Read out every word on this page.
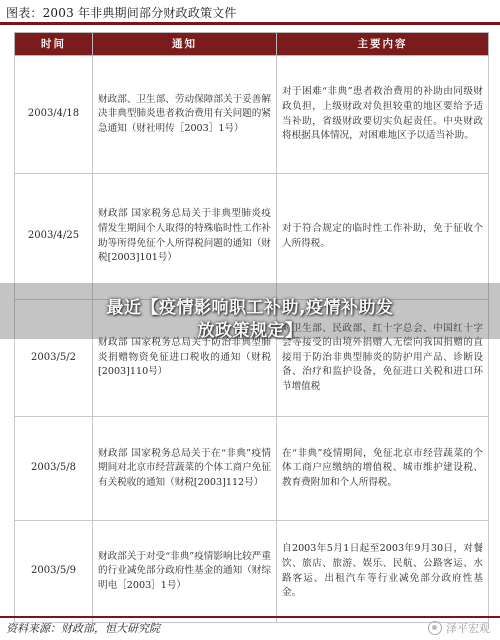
图表：2003 年非典期间部分财政政策文件
时间	通知	主要内容
2003/4/18	财政部、卫生部、劳动保障部关于妥善解决非典型肺炎患者救治费用有关问题的紧急通知（财社明传［2003］1号）	对于困难“非典”患者救治费用的补助由同级财政负担，上级财政对负担较重的地区要给予适当补助，省级财政要切实负起责任。中央财政将根据具体情况，对困难地区予以适当补助。
2003/4/25	财政部 国家税务总局关于非典型肺炎疫情发生期间个人取得的特殊临时性工作补助等所得免征个人所得税问题的通知（财税[2003]101号）	对于符合规定的临时性工作补助，免于征收个人所得税。
2003/5/2	财政部 国家税务总局关于防治非典型肺炎捐赠物资免征进口税收的通知（财税[2003]110号）	对卫生部、民政部、红十字总会、中国红十字会等接受的由境外捐赠人无偿向我国捐赠的直接用于防治非典型肺炎的防护用产品、诊断设备、治疗和监护设备，免征进口关税和进口环节增值税
2003/5/8	财政部 国家税务总局关于在“非典”疫情期间对北京市经营蔬菜的个体工商户免征有关税收的通知（财税[2003]112号）	在“非典”疫情期间，免征北京市经营蔬菜的个体工商户应缴纳的增值税、城市维护建设税、教育费附加和个人所得税。
2003/5/9	财政部关于对受“非典”疫情影响比较严重的行业减免部分政府性基金的通知（财综明电［2003］1号）	自2003年5月1日起至2003年9月30日，对餐饮、旅店、旅游、娱乐、民航、公路客运、水路客运、出租汽车等行业减免部分政府性基金。
资料来源：财政部，恒大研究院	泽平宏观
最近【疫情影响职工补助,疫情补助发
放政策规定】
